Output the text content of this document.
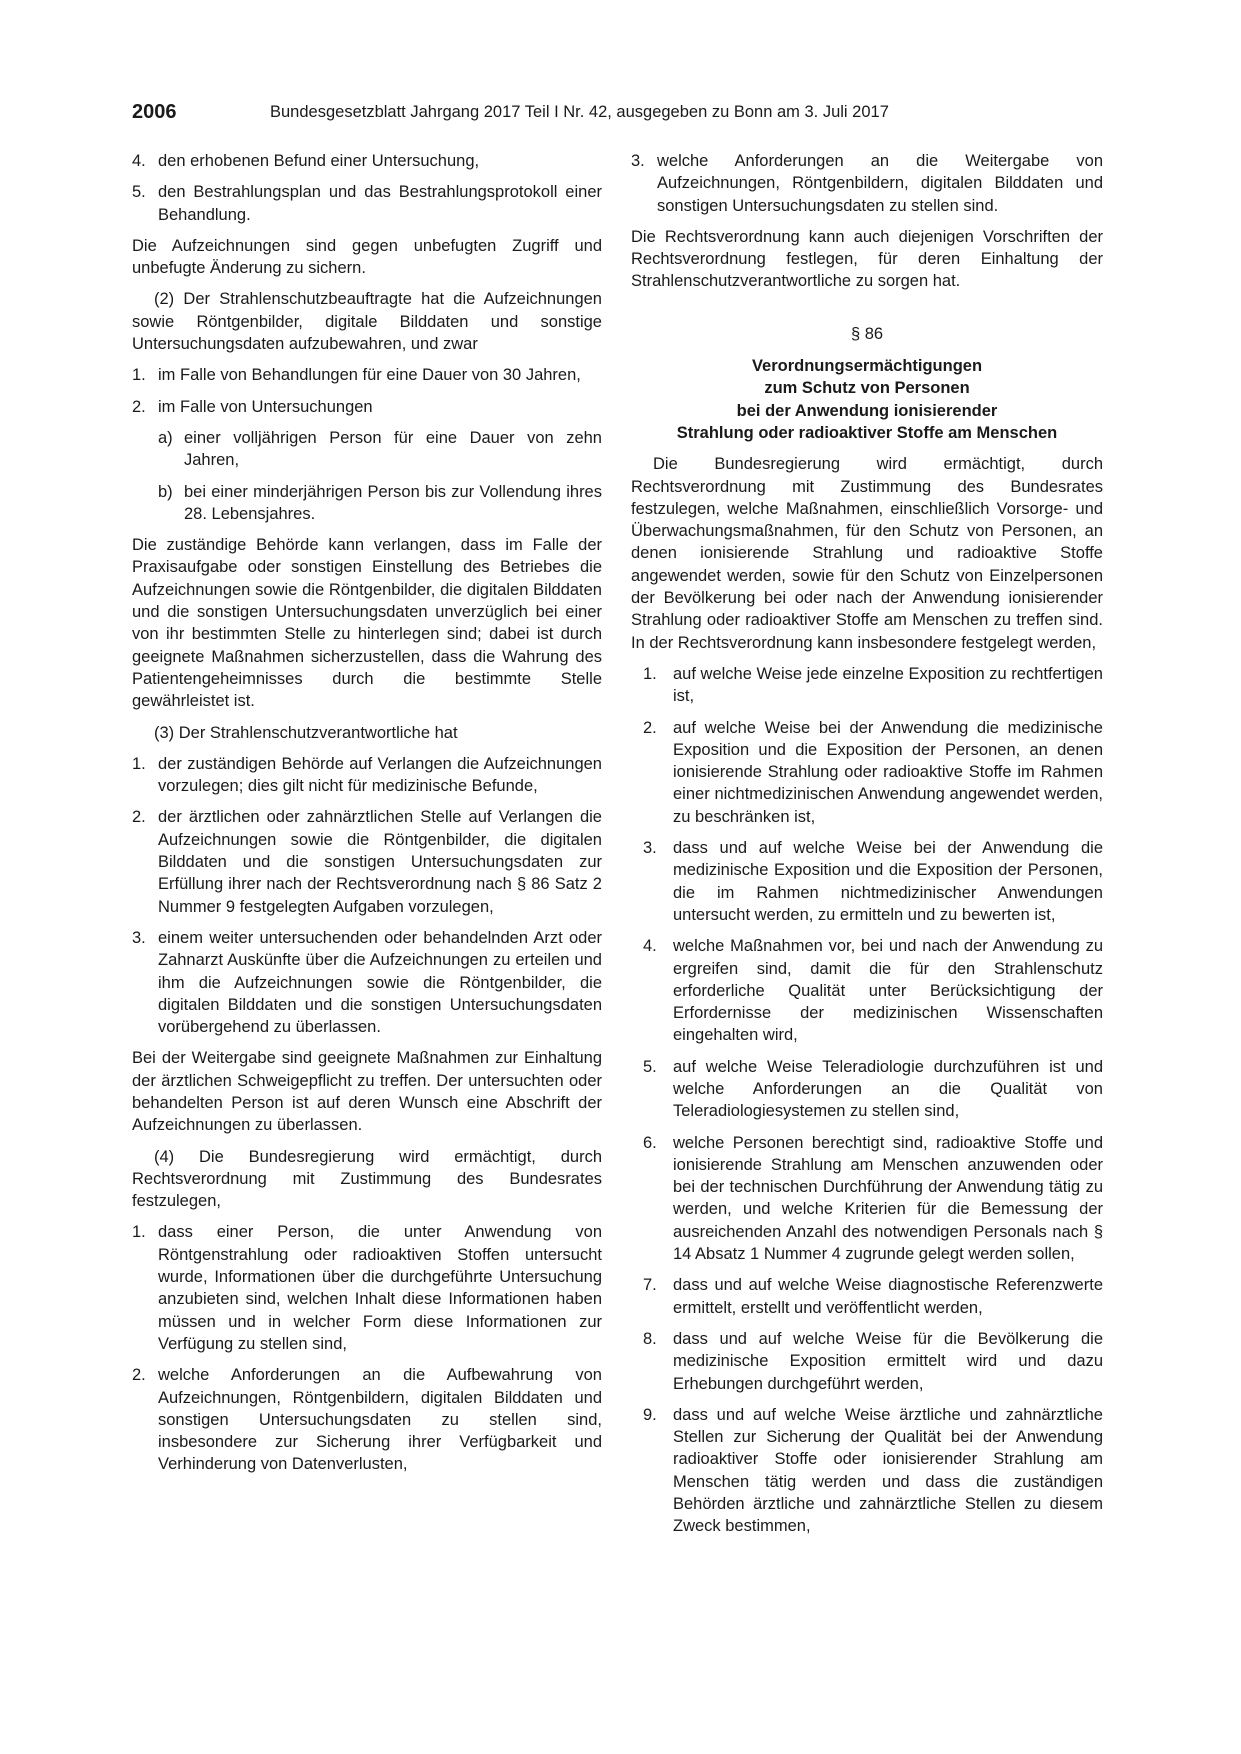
2006	Bundesgesetzblatt Jahrgang 2017 Teil I Nr. 42, ausgegeben zu Bonn am 3. Juli 2017
4. den erhobenen Befund einer Untersuchung,
5. den Bestrahlungsplan und das Bestrahlungsprotokoll einer Behandlung.

Die Aufzeichnungen sind gegen unbefugten Zugriff und unbefugte Änderung zu sichern.

(2) Der Strahlenschutzbeauftragte hat die Aufzeichnungen sowie Röntgenbilder, digitale Bilddaten und sonstige Untersuchungsdaten aufzubewahren, und zwar

1. im Falle von Behandlungen für eine Dauer von 30 Jahren,
2. im Falle von Untersuchungen
a) einer volljährigen Person für eine Dauer von zehn Jahren,
b) bei einer minderjährigen Person bis zur Vollendung ihres 28. Lebensjahres.

Die zuständige Behörde kann verlangen, dass im Falle der Praxisaufgabe oder sonstigen Einstellung des Betriebes die Aufzeichnungen sowie die Röntgenbilder, die digitalen Bilddaten und die sonstigen Untersuchungsdaten unverzüglich bei einer von ihr bestimmten Stelle zu hinterlegen sind; dabei ist durch geeignete Maßnahmen sicherzustellen, dass die Wahrung des Patientengeheimnisses durch die bestimmte Stelle gewährleistet ist.

(3) Der Strahlenschutzverantwortliche hat

1. der zuständigen Behörde auf Verlangen die Aufzeichnungen vorzulegen; dies gilt nicht für medizinische Befunde,
2. der ärztlichen oder zahnärztlichen Stelle auf Verlangen die Aufzeichnungen sowie die Röntgenbilder, die digitalen Bilddaten und die sonstigen Untersuchungsdaten zur Erfüllung ihrer nach der Rechtsverordnung nach § 86 Satz 2 Nummer 9 festgelegten Aufgaben vorzulegen,
3. einem weiter untersuchenden oder behandelnden Arzt oder Zahnarzt Auskünfte über die Aufzeichnungen zu erteilen und ihm die Aufzeichnungen sowie die Röntgenbilder, die digitalen Bilddaten und die sonstigen Untersuchungsdaten vorübergehend zu überlassen.

Bei der Weitergabe sind geeignete Maßnahmen zur Einhaltung der ärztlichen Schweigepflicht zu treffen. Der untersuchten oder behandelten Person ist auf deren Wunsch eine Abschrift der Aufzeichnungen zu überlassen.

(4) Die Bundesregierung wird ermächtigt, durch Rechtsverordnung mit Zustimmung des Bundesrates festzulegen,

1. dass einer Person, die unter Anwendung von Röntgenstrahlung oder radioaktiven Stoffen untersucht wurde, Informationen über die durchgeführte Untersuchung anzubieten sind, welchen Inhalt diese Informationen haben müssen und in welcher Form diese Informationen zur Verfügung zu stellen sind,
2. welche Anforderungen an die Aufbewahrung von Aufzeichnungen, Röntgenbildern, digitalen Bilddaten und sonstigen Untersuchungsdaten zu stellen sind, insbesondere zur Sicherung ihrer Verfügbarkeit und Verhinderung von Datenverlusten,
3. welche Anforderungen an die Weitergabe von Aufzeichnungen, Röntgenbildern, digitalen Bilddaten und sonstigen Untersuchungsdaten zu stellen sind.

Die Rechtsverordnung kann auch diejenigen Vorschriften der Rechtsverordnung festlegen, für deren Einhaltung der Strahlenschutzverantwortliche zu sorgen hat.

§ 86
Verordnungsermächtigungen
zum Schutz von Personen
bei der Anwendung ionisierender
Strahlung oder radioaktiver Stoffe am Menschen

Die Bundesregierung wird ermächtigt, durch Rechtsverordnung mit Zustimmung des Bundesrates festzulegen, welche Maßnahmen, einschließlich Vorsorge- und Überwachungsmaßnahmen, für den Schutz von Personen, an denen ionisierende Strahlung und radioaktive Stoffe angewendet werden, sowie für den Schutz von Einzelpersonen der Bevölkerung bei oder nach der Anwendung ionisierender Strahlung oder radioaktiver Stoffe am Menschen zu treffen sind. In der Rechtsverordnung kann insbesondere festgelegt werden,

1. auf welche Weise jede einzelne Exposition zu rechtfertigen ist,
2. auf welche Weise bei der Anwendung die medizinische Exposition und die Exposition der Personen, an denen ionisierende Strahlung oder radioaktive Stoffe im Rahmen einer nichtmedizinischen Anwendung angewendet werden, zu beschränken ist,
3. dass und auf welche Weise bei der Anwendung die medizinische Exposition und die Exposition der Personen, die im Rahmen nichtmedizinischer Anwendungen untersucht werden, zu ermitteln und zu bewerten ist,
4. welche Maßnahmen vor, bei und nach der Anwendung zu ergreifen sind, damit die für den Strahlenschutz erforderliche Qualität unter Berücksichtigung der Erfordernisse der medizinischen Wissenschaften eingehalten wird,
5. auf welche Weise Teleradiologie durchzuführen ist und welche Anforderungen an die Qualität von Teleradiologiesystemen zu stellen sind,
6. welche Personen berechtigt sind, radioaktive Stoffe und ionisierende Strahlung am Menschen anzuwenden oder bei der technischen Durchführung der Anwendung tätig zu werden, und welche Kriterien für die Bemessung der ausreichenden Anzahl des notwendigen Personals nach § 14 Absatz 1 Nummer 4 zugrunde gelegt werden sollen,
7. dass und auf welche Weise diagnostische Referenzwerte ermittelt, erstellt und veröffentlicht werden,
8. dass und auf welche Weise für die Bevölkerung die medizinische Exposition ermittelt wird und dazu Erhebungen durchgeführt werden,
9. dass und auf welche Weise ärztliche und zahnärztliche Stellen zur Sicherung der Qualität bei der Anwendung radioaktiver Stoffe oder ionisierender Strahlung am Menschen tätig werden und dass die zuständigen Behörden ärztliche und zahnärztliche Stellen zu diesem Zweck bestimmen,
